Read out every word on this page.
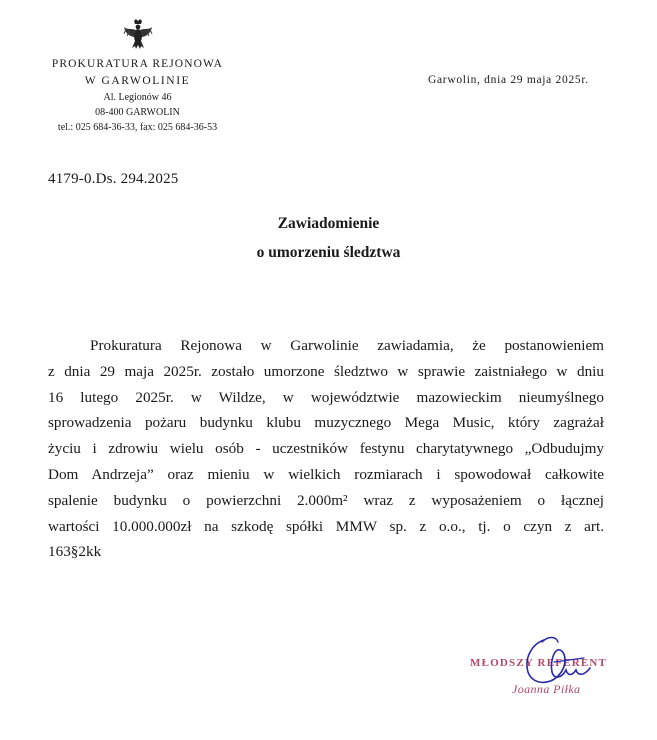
PROKURATURA REJONOWA
W GARWOLINIE
Al. Legionów 46
08-400 GARWOLIN
tel.: 025 684-36-33, fax: 025 684-36-53
Garwolin, dnia 29 maja 2025r.
4179-0.Ds. 294.2025
Zawiadomienie
o umorzeniu śledztwa
Prokuratura Rejonowa w Garwolinie zawiadamia, że postanowieniem
z dnia 29 maja 2025r. zostało umorzone śledztwo w sprawie zaistniałego w dniu
16 lutego 2025r. w Wildze, w województwie mazowieckim nieumyślnego
sprowadzenia pożaru budynku klubu muzycznego Mega Music, który zagrażał
życiu i zdrowiu wielu osób - uczestników festynu charytatywnego „Odbudujmy
Dom Andrzeja” oraz mieniu w wielkich rozmiarach i spowodował całkowite
spalenie budynku o powierzchni 2.000m² wraz z wyposażeniem o łącznej
wartości 10.000.000zł na szkodę spółki MMW sp. z o.o., tj. o czyn z art.
163§2kk
MŁODSZY REFERENT
Joanna Piłka
